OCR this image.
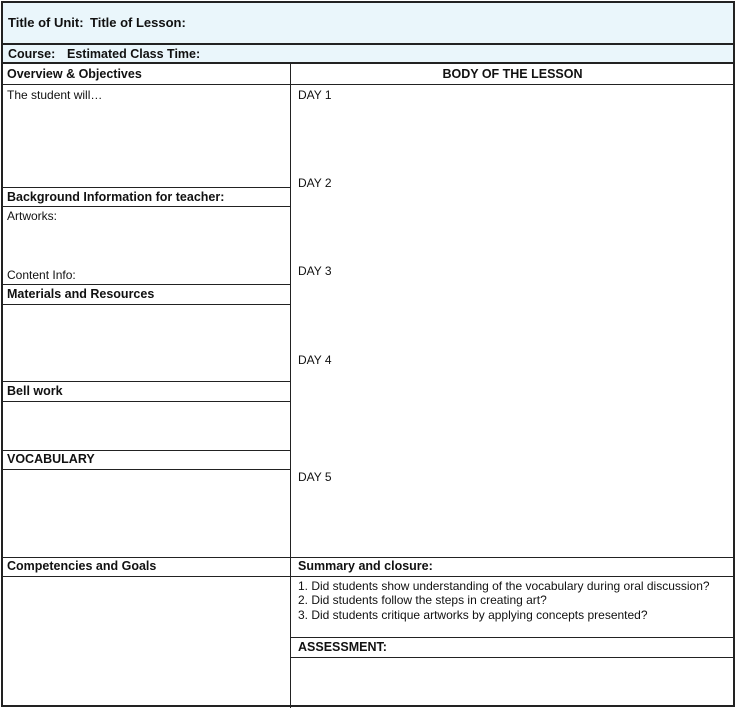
Title of Unit: Title of Lesson:
Course: Estimated Class Time:
Overview & Objectives
The student will…
Background Information for teacher:
Artworks:
Content Info:
Materials and Resources
Bell work
VOCABULARY
Competencies and Goals
BODY OF THE LESSON
DAY 1
DAY 2
DAY 3
DAY 4
DAY 5
Summary and closure:
1. Did students show understanding of the vocabulary during oral discussion?
2. Did students follow the steps in creating art?
3. Did students critique artworks by applying concepts presented?
ASSESSMENT:
